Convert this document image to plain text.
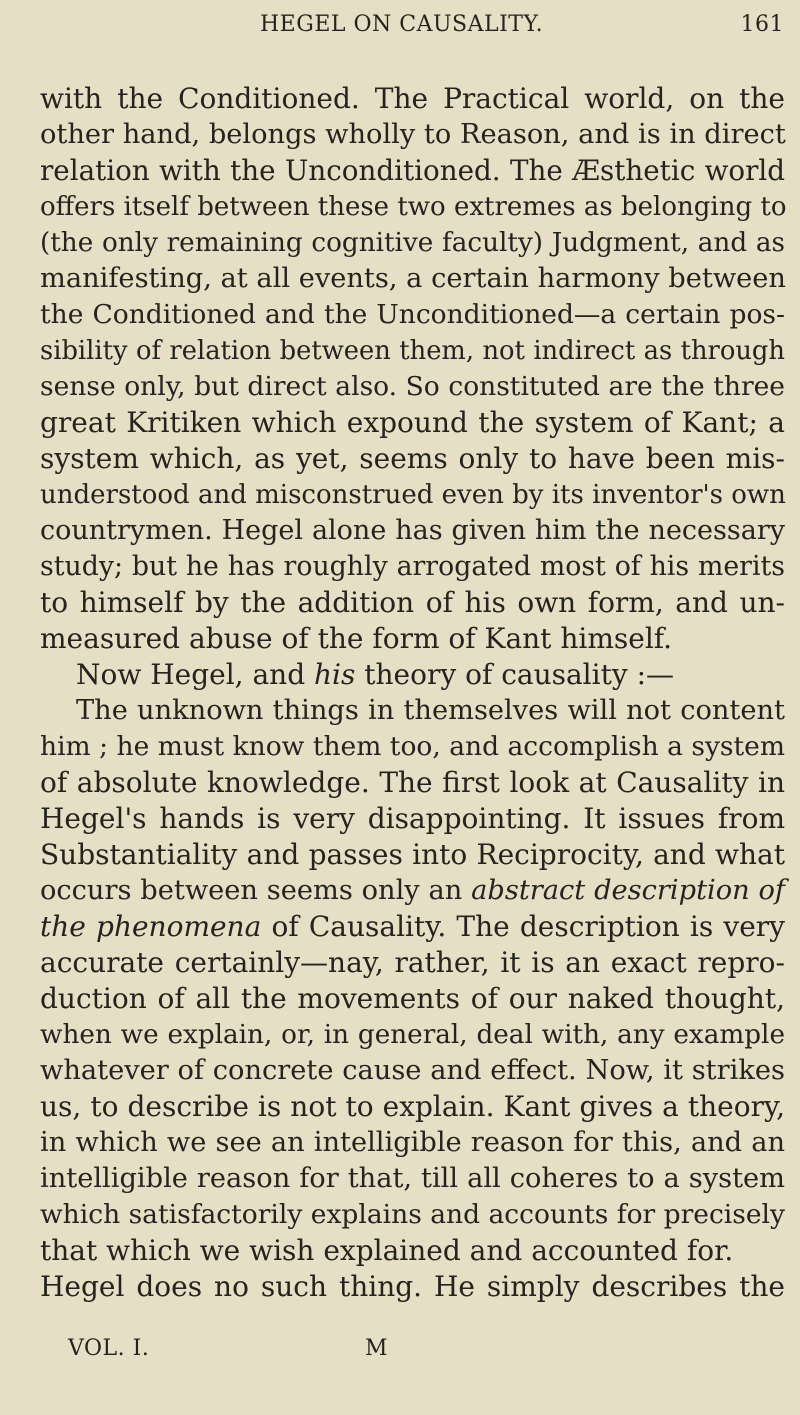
HEGEL ON CAUSALITY.	161
with the Conditioned. The Practical world, on the
other hand, belongs wholly to Reason, and is in direct
relation with the Unconditioned. The Æsthetic world
offers itself between these two extremes as belonging to
(the only remaining cognitive faculty) Judgment, and as
manifesting, at all events, a certain harmony between
the Conditioned and the Unconditioned—a certain pos-
sibility of relation between them, not indirect as through
sense only, but direct also. So constituted are the three
great Kritiken which expound the system of Kant; a
system which, as yet, seems only to have been mis-
understood and misconstrued even by its inventor's own
countrymen. Hegel alone has given him the necessary
study; but he has roughly arrogated most of his merits
to himself by the addition of his own form, and un-
measured abuse of the form of Kant himself.
Now Hegel, and his theory of causality :—
The unknown things in themselves will not content
him ; he must know them too, and accomplish a system
of absolute knowledge. The first look at Causality in
Hegel's hands is very disappointing. It issues from
Substantiality and passes into Reciprocity, and what
occurs between seems only an abstract description of
the phenomena of Causality. The description is very
accurate certainly—nay, rather, it is an exact repro-
duction of all the movements of our naked thought,
when we explain, or, in general, deal with, any example
whatever of concrete cause and effect. Now, it strikes
us, to describe is not to explain. Kant gives a theory,
in which we see an intelligible reason for this, and an
intelligible reason for that, till all coheres to a system
which satisfactorily explains and accounts for precisely
that which we wish explained and accounted for.
Hegel does no such thing. He simply describes the
VOL. I.	M
